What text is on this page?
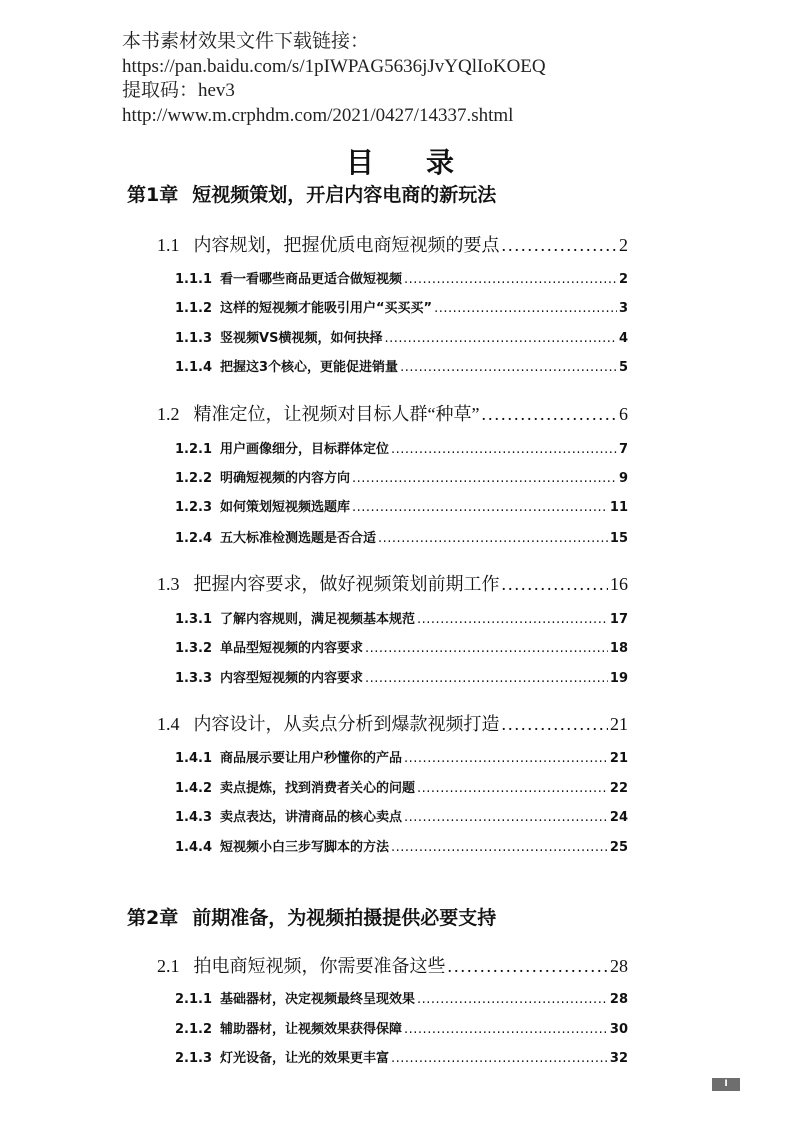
本书素材效果文件下载链接：
https://pan.baidu.com/s/1pIWPAG5636jJvYQlIoKOEQ
提取码：hev3
http://www.m.crphdm.com/2021/0427/14337.shtml
目录
第1章 短视频策划，开启内容电商的新玩法
1.1 内容规划，把握优质电商短视频的要点 .....	2
1.1.1 看一看哪些商品更适合做短视频 .....	2
1.1.2 这样的短视频才能吸引用户“买买买” .....	3
1.1.3 竖视频VS横视频，如何抉择 .....	4
1.1.4 把握这3个核心，更能促进销量 .....	5
1.2 精准定位，让视频对目标人群“种草” .....	6
1.2.1 用户画像细分，目标群体定位 .....	7
1.2.2 明确短视频的内容方向 .....	9
1.2.3 如何策划短视频选题库 .....	11
1.2.4 五大标准检测选题是否合适 .....	15
1.3 把握内容要求，做好视频策划前期工作 .....	16
1.3.1 了解内容规则，满足视频基本规范 .....	17
1.3.2 单品型短视频的内容要求 .....	18
1.3.3 内容型短视频的内容要求 .....	19
1.4 内容设计，从卖点分析到爆款视频打造 .....	21
1.4.1 商品展示要让用户秒懂你的产品 .....	21
1.4.2 卖点提炼，找到消费者关心的问题 .....	22
1.4.3 卖点表达，讲清商品的核心卖点 .....	24
1.4.4 短视频小白三步写脚本的方法 .....	25
第2章 前期准备，为视频拍摄提供必要支持
2.1 拍电商短视频，你需要准备这些 .....	28
2.1.1 基础器材，决定视频最终呈现效果 .....	28
2.1.2 辅助器材，让视频效果获得保障 .....	30
2.1.3 灯光设备，让光的效果更丰富 .....	32
I
